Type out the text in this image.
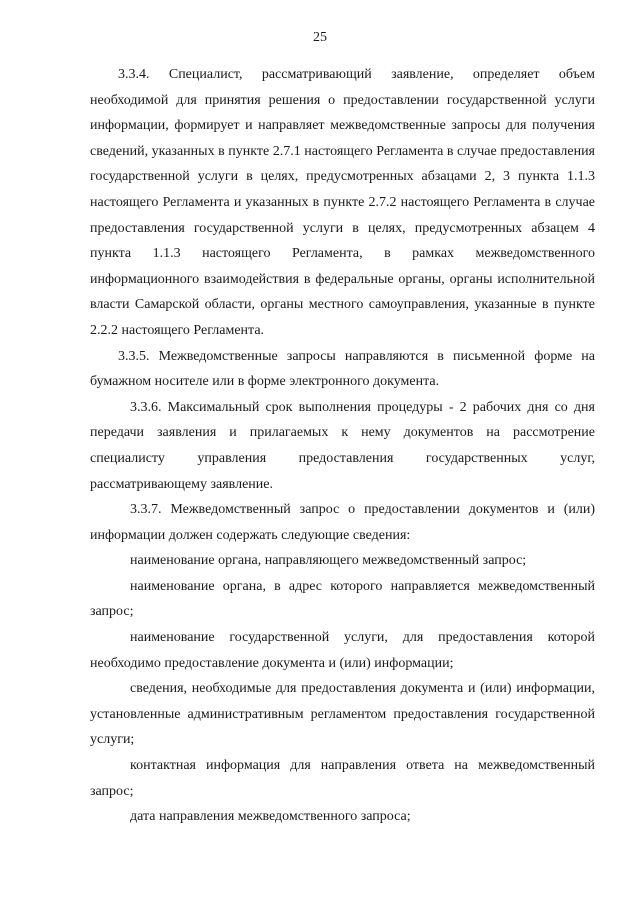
25

3.3.4. Специалист, рассматривающий заявление, определяет объем необходимой для принятия решения о предоставлении государственной услуги информации, формирует и направляет межведомственные запросы для получения сведений, указанных в пункте 2.7.1 настоящего Регламента в случае предоставления государственной услуги в целях, предусмотренных абзацами 2, 3 пункта 1.1.3 настоящего Регламента и указанных в пункте 2.7.2 настоящего Регламента в случае предоставления государственной услуги в целях, предусмотренных абзацем 4 пункта 1.1.3 настоящего Регламента, в рамках межведомственного информационного взаимодействия в федеральные органы, органы исполнительной власти Самарской области, органы местного самоуправления, указанные в пункте 2.2.2 настоящего Регламента.

3.3.5. Межведомственные запросы направляются в письменной форме на бумажном носителе или в форме электронного документа.

3.3.6. Максимальный срок выполнения процедуры - 2 рабочих дня со дня передачи заявления и прилагаемых к нему документов на рассмотрение специалисту управления предоставления государственных услуг, рассматривающему заявление.

3.3.7. Межведомственный запрос о предоставлении документов и (или) информации должен содержать следующие сведения:

наименование органа, направляющего межведомственный запрос;

наименование органа, в адрес которого направляется межведомственный запрос;

наименование государственной услуги, для предоставления которой необходимо предоставление документа и (или) информации;

сведения, необходимые для предоставления документа и (или) информации, установленные административным регламентом предоставления государственной услуги;

контактная информация для направления ответа на межведомственный запрос;

дата направления межведомственного запроса;
